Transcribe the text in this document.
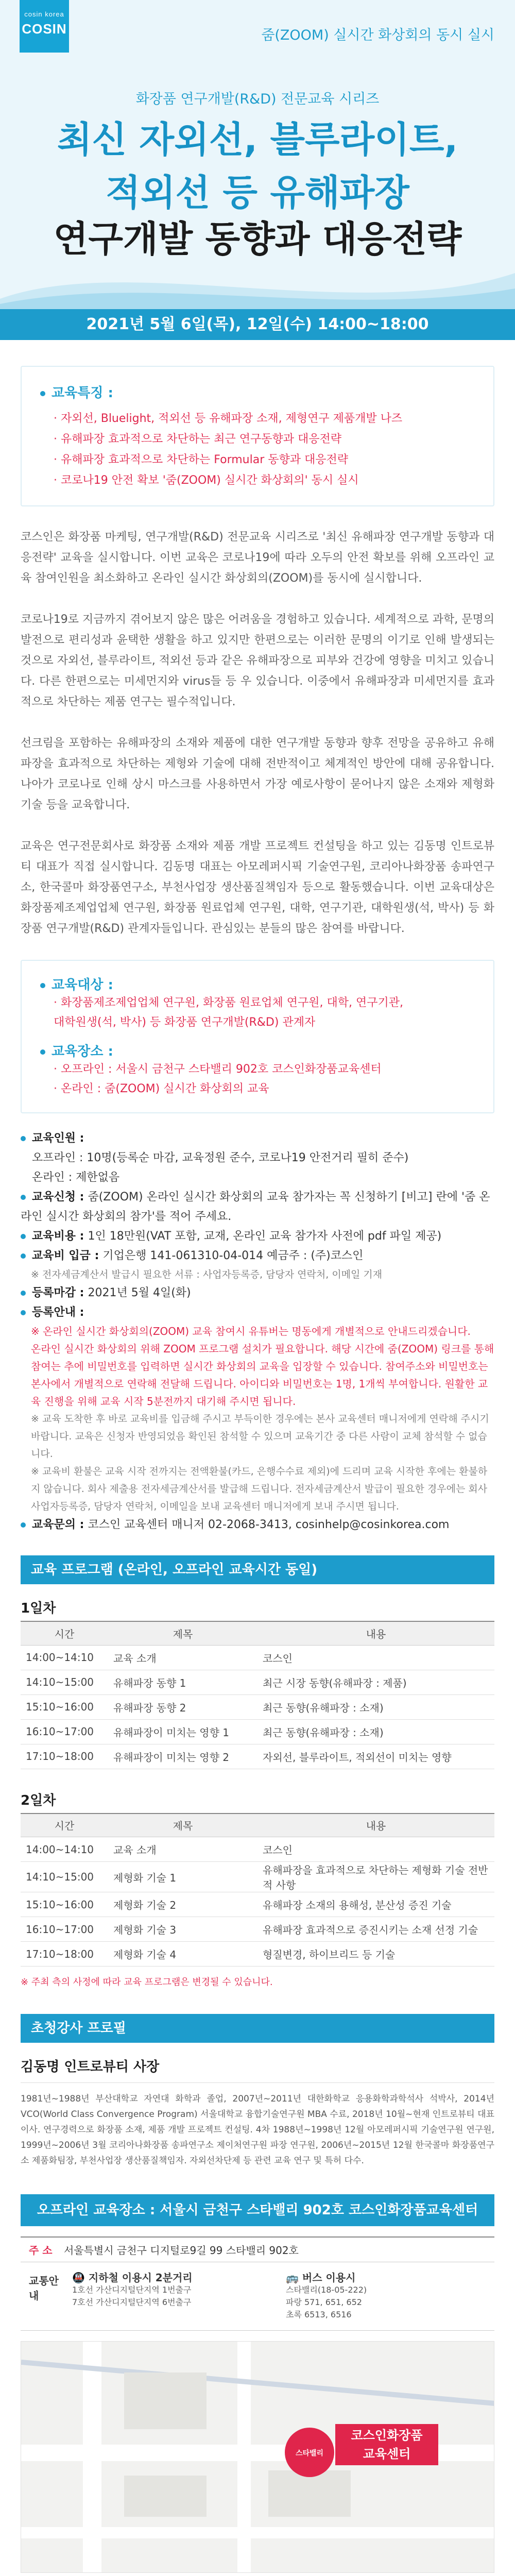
cosin korea
COSIN	줌(ZOOM) 실시간 화상회의 동시 실시
화장품 연구개발(R&D) 전문교육 시리즈
최신 자외선, 블루라이트,
적외선 등 유해파장
연구개발 동향과 대응전략
2021년 5월 6일(목), 12일(수) 14:00~18:00
교육특징 :
· 자외선, Bluelight, 적외선 등 유해파장 소재, 제형연구 제품개발 나즈
· 유해파장 효과적으로 차단하는 최근 연구동향과 대응전략
· 유해파장 효과적으로 차단하는 Formular 동향과 대응전략
· 코로나19 안전 확보 '줌(ZOOM) 실시간 화상회의' 동시 실시

코스인은 화장품 마케팅, 연구개발(R&D) 전문교육 시리즈로 '최신 유해파장 연구개발 동향과 대응전략' 교육을 실시합니다. 이번 교육은 코로나19에 따라 오두의 안전 확보를 위해 오프라인 교육 참여인원을 최소화하고 온라인 실시간 화상회의(ZOOM)를 동시에 실시합니다.

코로나19로 지금까지 겪어보지 않은 많은 어려움을 경험하고 있습니다. 세계적으로 과학, 문명의 발전으로 편리성과 윤택한 생활을 하고 있지만 한편으로는 이러한 문명의 이기로 인해 발생되는 것으로 자외선, 블루라이트, 적외선 등과 같은 유해파장으로 피부와 건강에 영향을 미치고 있습니다. 다른 한편으로는 미세먼지와 virus들 등 우 있습니다. 이중에서 유해파장과 미세먼지를 효과적으로 차단하는 제품 연구는 필수적입니다.

선크림을 포함하는 유해파장의 소재와 제품에 대한 연구개발 동향과 향후 전망을 공유하고 유해파장을 효과적으로 차단하는 제형와 기술에 대해 전반적이고 체계적인 방안에 대해 공유합니다. 나아가 코로나로 인해 상시 마스크를 사용하면서 가장 예로사항이 묻어나지 않은 소재와 제형화 기술 등을 교육합니다.

교육은 연구전문회사로 화장품 소재와 제품 개발 프로젝트 컨설팅을 하고 있는 김동명 인트로뷰티 대표가 직접 실시합니다. 김동명 대표는 아모레퍼시픽 기술연구원, 코리아나화장품 송파연구소, 한국콜마 화장품연구소, 부천사업장 생산품질책임자 등으로 활동했습니다. 이번 교육대상은 화장품제조제업업체 연구원, 화장품 원료업체 연구원, 대학, 연구기관, 대학원생(석, 박사) 등 화장품 연구개발(R&D) 관계자들입니다. 관심있는 분들의 많은 참여를 바랍니다.

교육대상 :
· 화장품제조제업업체 연구원, 화장품 원료업체 연구원, 대학, 연구기관,
대학원생(석, 박사) 등 화장품 연구개발(R&D) 관계자
교육장소 :
· 오프라인 : 서울시 금천구 스타밸리 902호 코스인화장품교육센터
· 온라인 : 줌(ZOOM) 실시간 화상회의 교육
교육인원 :
오프라인 : 10명(등록순 마감, 교육정원 준수, 코로나19 안전거리 필히 준수)
온라인 : 제한없음
교육신청 : 줌(ZOOM) 온라인 실시간 화상회의 교육 참가자는 꼭 신청하기 [비고] 란에 '줌 온라인 실시간 화상회의 참가'를 적어 주세요.
교육비용 : 1인 18만원(VAT 포함, 교재, 온라인 교육 참가자 사전에 pdf 파일 제공)
교육비 입금 : 기업은행 141-061310-04-014 예금주 : (주)코스인
※ 전자세금계산서 발급시 필요한 서류 : 사업자등록증, 담당자 연락처, 이메일 기재
등록마감 : 2021년 5월 4일(화)
등록안내 :
※ 온라인 실시간 화상회의(ZOOM) 교육 참여시 유튜버는 명동에게 개별적으로 안내드리겠습니다.
온라인 실시간 화상회의 위해 ZOOM 프로그램 설치가 필요합니다. 해당 시간에 줌(ZOOM) 링크를 통해 참여는 추에 비밀번호를 입력하면 실시간 화상회의 교육을 입장할 수 있습니다. 참여주소와 비밀번호는 본사에서 개별적으로 연락해 전달해 드립니다. 아이디와 비밀번호는 1명, 1개씩 부여합니다. 원활한 교육 진행을 위해 교육 시작 5분전까지 대기해 주시면 됩니다.
※ 교육 도착한 후 바로 교육비를 입금해 주시고 부득이한 경우에는 본사 교육센터 매니저에게 연락해 주시기 바랍니다. 교육은 신청자 반영되었음 확인된 참석할 수 있으며 교육기간 중 다른 사람이 교체 참석할 수 없습니다.
※ 교육비 환불은 교육 시작 전까지는 전액환불(카드, 은행수수료 제외)에 드리며 교육 시작한 후에는 환불하지 않습니다. 회사 제출용 전자세금계산서를 발급해 드립니다. 전자세금계산서 발급이 필요한 경우에는 회사 사업자등록증, 담당자 연락처, 이메일을 보내 교육센터 매니저에게 보내 주시면 됩니다.
교육문의 : 코스인 교육센터 매니저 02-2068-3413, cosinhelp@cosinkorea.com
교육 프로그램 (온라인, 오프라인 교육시간 동일)
1일차
시간	제목	내용
14:00~14:10	교육 소개	코스인
14:10~15:00	유해파장 동향 1	최근 시장 동향(유해파장 : 제품)
15:10~16:00	유해파장 동향 2	최근 동향(유해파장 : 소재)
16:10~17:00	유해파장이 미치는 영향 1	최근 동향(유해파장 : 소재)
17:10~18:00	유해파장이 미치는 영향 2	자외선, 블루라이트, 적외선이 미치는 영향
2일차
시간	제목	내용
14:00~14:10	교육 소개	코스인
14:10~15:00	제형화 기술 1	유해파장을 효과적으로 차단하는 제형화 기술 전반적 사항
15:10~16:00	제형화 기술 2	유해파장 소재의 용해성, 분산성 증진 기술
16:10~17:00	제형화 기술 3	유해파장 효과적으로 증진시키는 소재 선정 기술
17:10~18:00	제형화 기술 4	형질변경, 하이브리드 등 기술
※ 주최 측의 사정에 따라 교육 프로그램은 변경될 수 있습니다.
초청강사 프로필
김동명 인트로뷰티 사장
1981년~1988년 부산대학교 자연대 화학과 졸업, 2007년~2011년 대한화학교 응용화학과학석사 석박사, 2014년 VCO(World Class Convergence Program) 서울대학교 융합기술연구원 MBA 수료, 2018년 10월~현재 인트로뷰티 대표이사. 연구경력으로 화장품 소재, 제품 개발 프로젝트 컨설팅. 4차 1988년~1998년 12월 아모레퍼시픽 기술연구원 연구원, 1999년~2006년 3월 코리아나화장품 송파연구소 제이처연구원 파장 연구원, 2006년~2015년 12월 한국콜마 화장품연구소 제품화팀장, 부천사업장 생산품질책임자. 자외선차단제 등 관련 교육 연구 및 특허 다수.
오프라인 교육장소 : 서울시 금천구 스타밸리 902호 코스인화장품교육센터
주 소 서울특별시 금천구 디지털로9길 99 스타밸리 902호
교통안내
🚇 지하철 이용시 2분거리
1호선 가산디지털단지역 1번출구
7호선 가산디지털단지역 6번출구
🚌 버스 이용시
스타밸리(18-05-222)
파랑 571, 651, 652
초록 6513, 6516
스타밸리
코스인화장품
교육센터
